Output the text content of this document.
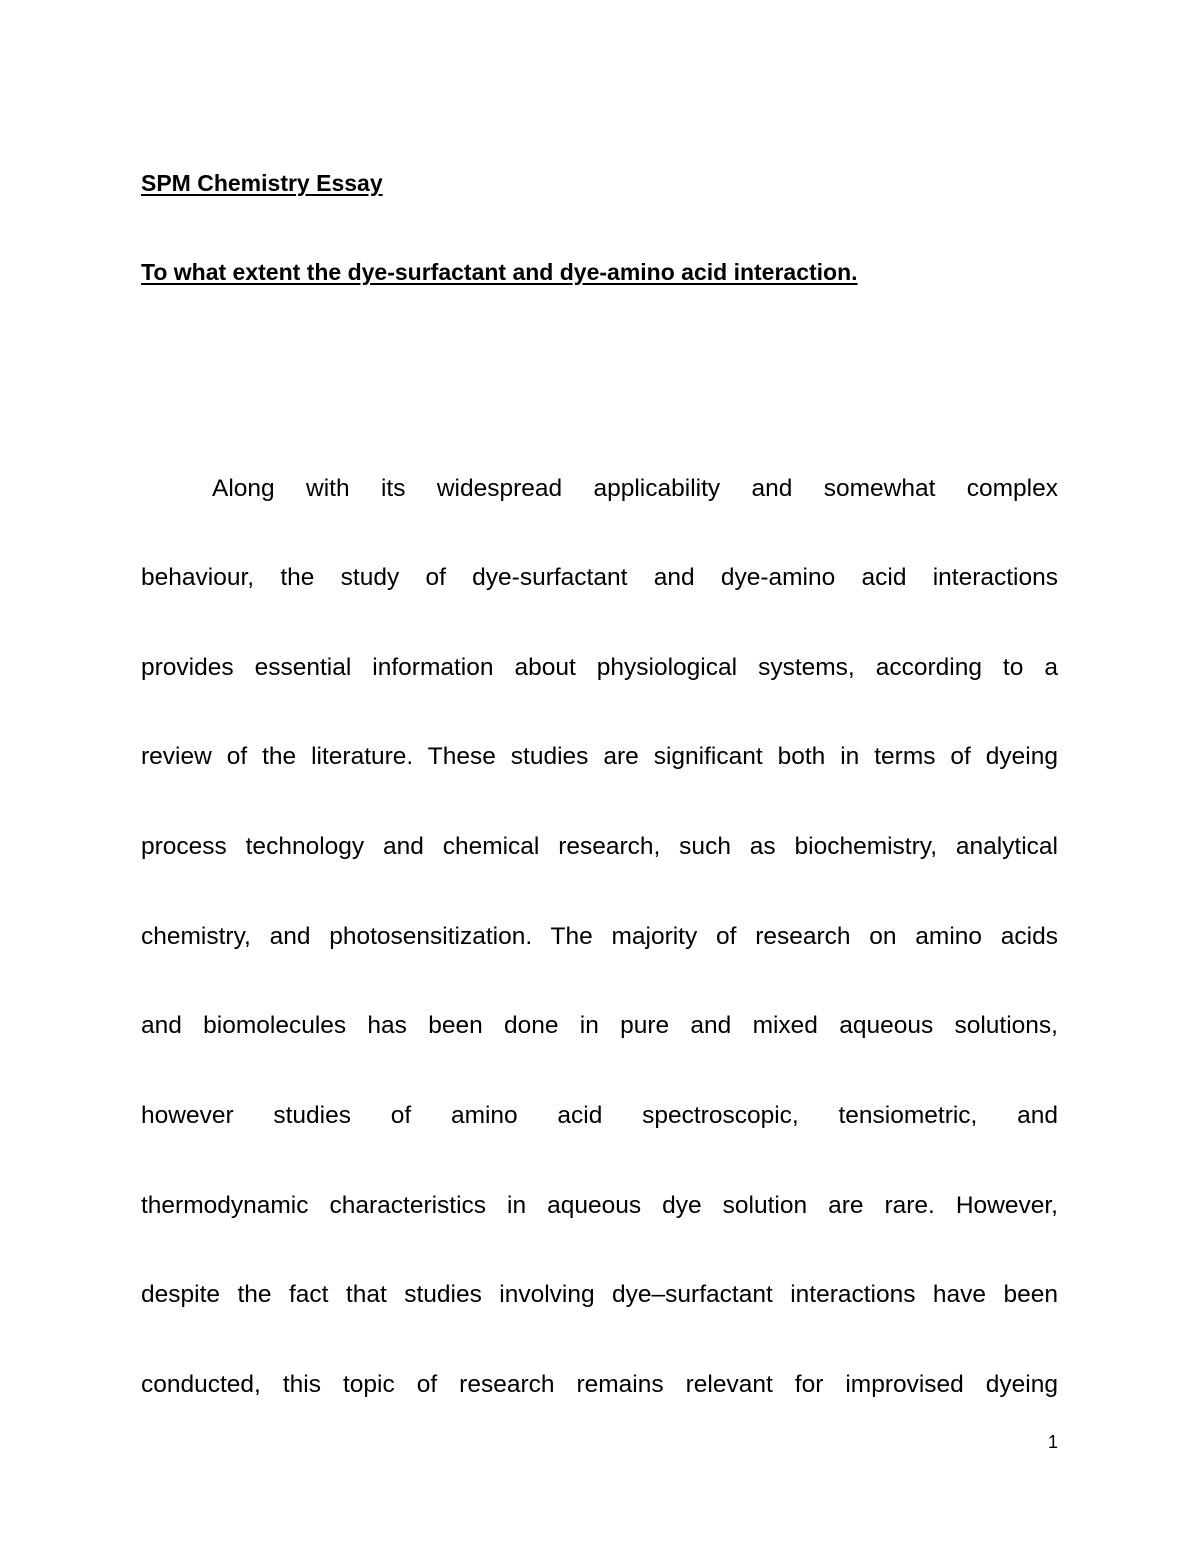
SPM Chemistry Essay
To what extent the dye-surfactant and dye-amino acid interaction.
Along with its widespread applicability and somewhat complex
behaviour, the study of dye-surfactant and dye-amino acid interactions
provides essential information about physiological systems, according to a
review of the literature. These studies are significant both in terms of dyeing
process technology and chemical research, such as biochemistry, analytical
chemistry, and photosensitization. The majority of research on amino acids
and biomolecules has been done in pure and mixed aqueous solutions,
however studies of amino acid spectroscopic, tensiometric, and
thermodynamic characteristics in aqueous dye solution are rare. However,
despite the fact that studies involving dye–surfactant interactions have been
conducted, this topic of research remains relevant for improvised dyeing
1
